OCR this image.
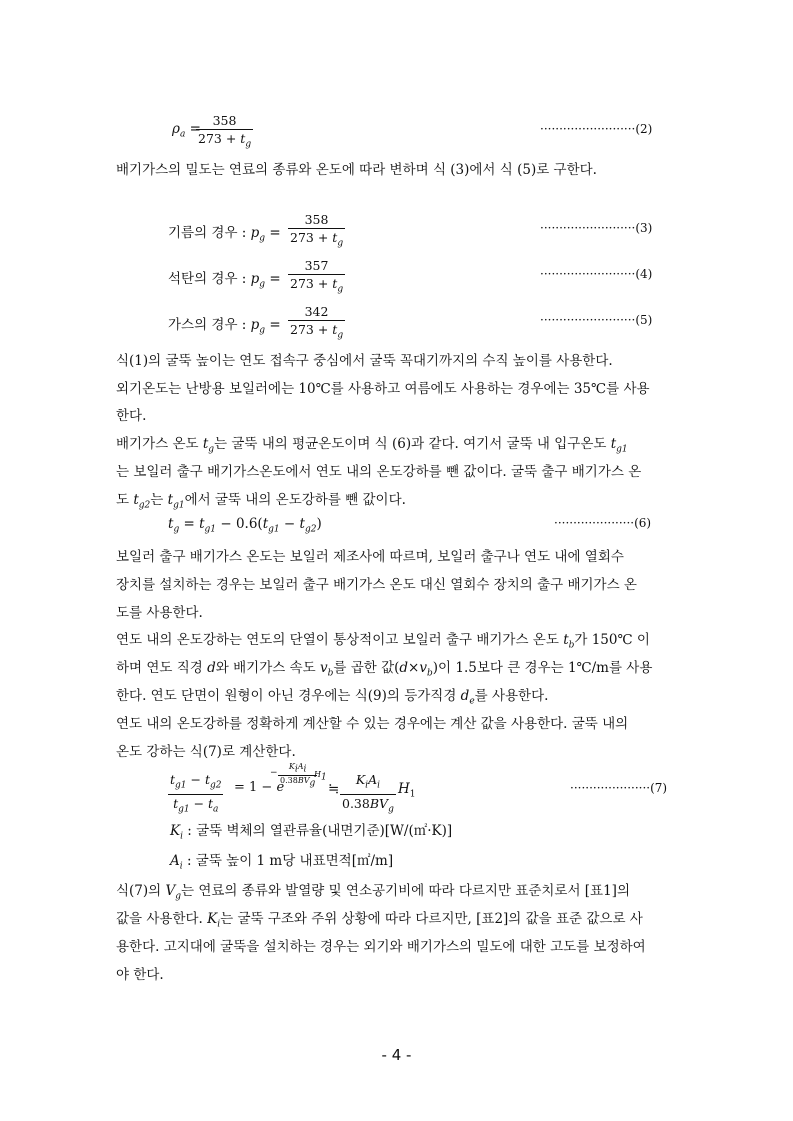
$\rho_a$ =
$\frac{358}{273 + t_g}$	·························(2)
배기가스의 밀도는 연료의 종류와 온도에 따라 변하며 식 (3)에서 식 (5)로 구한다.
기름의 경우 : $p_g = \frac{358}{273 + t_g}$	·························(3)
석탄의 경우 : $p_g = \frac{357}{273 + t_g}$	·························(4)
가스의 경우 : $p_g = \frac{342}{273 + t_g}$	·························(5)
식(1)의 굴뚝 높이는 연도 접속구 중심에서 굴뚝 꼭대기까지의 수직 높이를 사용한다.
외기온도는 난방용 보일러에는 10℃를 사용하고 여름에도 사용하는 경우에는 35℃를 사용
한다.
배기가스 온도 $t_g$는 굴뚝 내의 평균온도이며 식 (6)과 같다. 여기서 굴뚝 내 입구온도 $t_{g1}$
는 보일러 출구 배기가스온도에서 연도 내의 온도강하를 뺀 값이다. 굴뚝 출구 배기가스 온
도 $t_{g2}$는 $t_{g1}$에서 굴뚝 내의 온도강하를 뺀 값이다.
$t_g = t_{g1} - 0.6(t_{g1} - t_{g2})$	·····················(6)
보일러 출구 배기가스 온도는 보일러 제조사에 따르며, 보일러 출구나 연도 내에 열회수
장치를 설치하는 경우는 보일러 출구 배기가스 온도 대신 열회수 장치의 출구 배기가스 온
도를 사용한다.
연도 내의 온도강하는 연도의 단열이 통상적이고 보일러 출구 배기가스 온도 $t_b$가 150℃ 이
하며 연도 직경 d와 배기가스 속도 $v_b$를 곱한 값$(d\times v_b)$이 1.5보다 큰 경우는 1℃/m를 사용
한다. 연도 단면이 원형이 아닌 경우에는 식(9)의 등가직경 $d_e$를 사용한다.
연도 내의 온도강하를 정확하게 계산할 수 있는 경우에는 계산 값을 사용한다. 굴뚝 내의
온도 강하는 식(7)로 계산한다.
$\frac{t_{g1} - t_{g2}}{t_{g1} - t_a} = 1 - e$
$K_iA_i$
$0.38BV_g$
−	$H_1$
≒
$K_iA_i$
$0.38BV_g$
$H_1$	·····················(7)
$K_i$ : 굴뚝 벽체의 열관류율(내면기준)[W/(㎡·K)]
$A_i$ : 굴뚝 높이 1 m당 내표면적[㎡/m]
식(7)의 $V_g$는 연료의 종류와 발열량 및 연소공기비에 따라 다르지만 표준치로서 [표1]의
값을 사용한다. $K_i$는 굴뚝 구조와 주위 상황에 따라 다르지만, [표2]의 값을 표준 값으로 사
용한다. 고지대에 굴뚝을 설치하는 경우는 외기와 배기가스의 밀도에 대한 고도를 보정하여
야 한다.
- 4 -
